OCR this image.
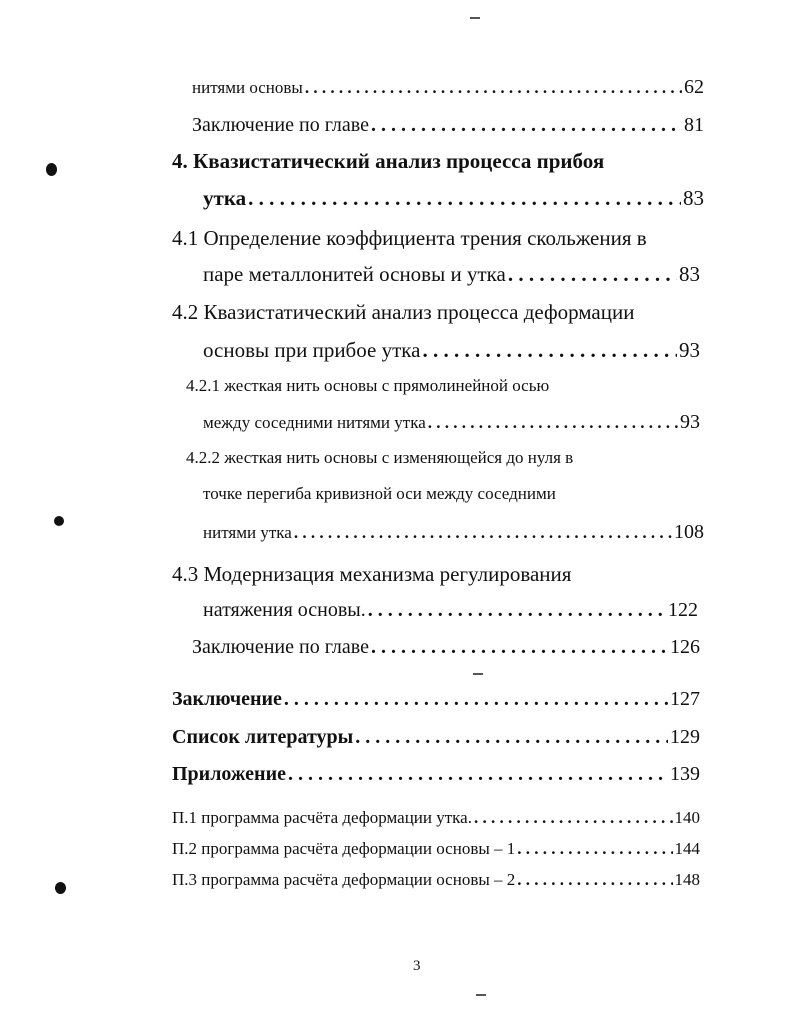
нитями основы . . .	62
Заключение по главе . . .	81
4. Квазистатический анализ процесса прибоя
утка . . .	83
4.1 Определение коэффициента трения скольжения в
паре металлонитей основы и утка . . .	83
4.2 Квазистатический анализ процесса деформации
основы при прибое утка . . .	93
4.2.1 жесткая нить основы с прямолинейной осью
между соседними нитями утка . . .	93
4.2.2 жесткая нить основы с изменяющейся до нуля в
точке перегиба кривизной оси между соседними
нитями утка . . .	108
4.3 Модернизация механизма регулирования
натяжения основы. . . .	122
Заключение по главе . . .	126
Заключение . . .	127
Список литературы . . .	129
Приложение . . .	139
П.1 программа расчёта деформации утка. . . .	140
П.2 программа расчёта деформации основы – 1 . . .	144
П.3 программа расчёта деформации основы – 2 . . .	148
3
